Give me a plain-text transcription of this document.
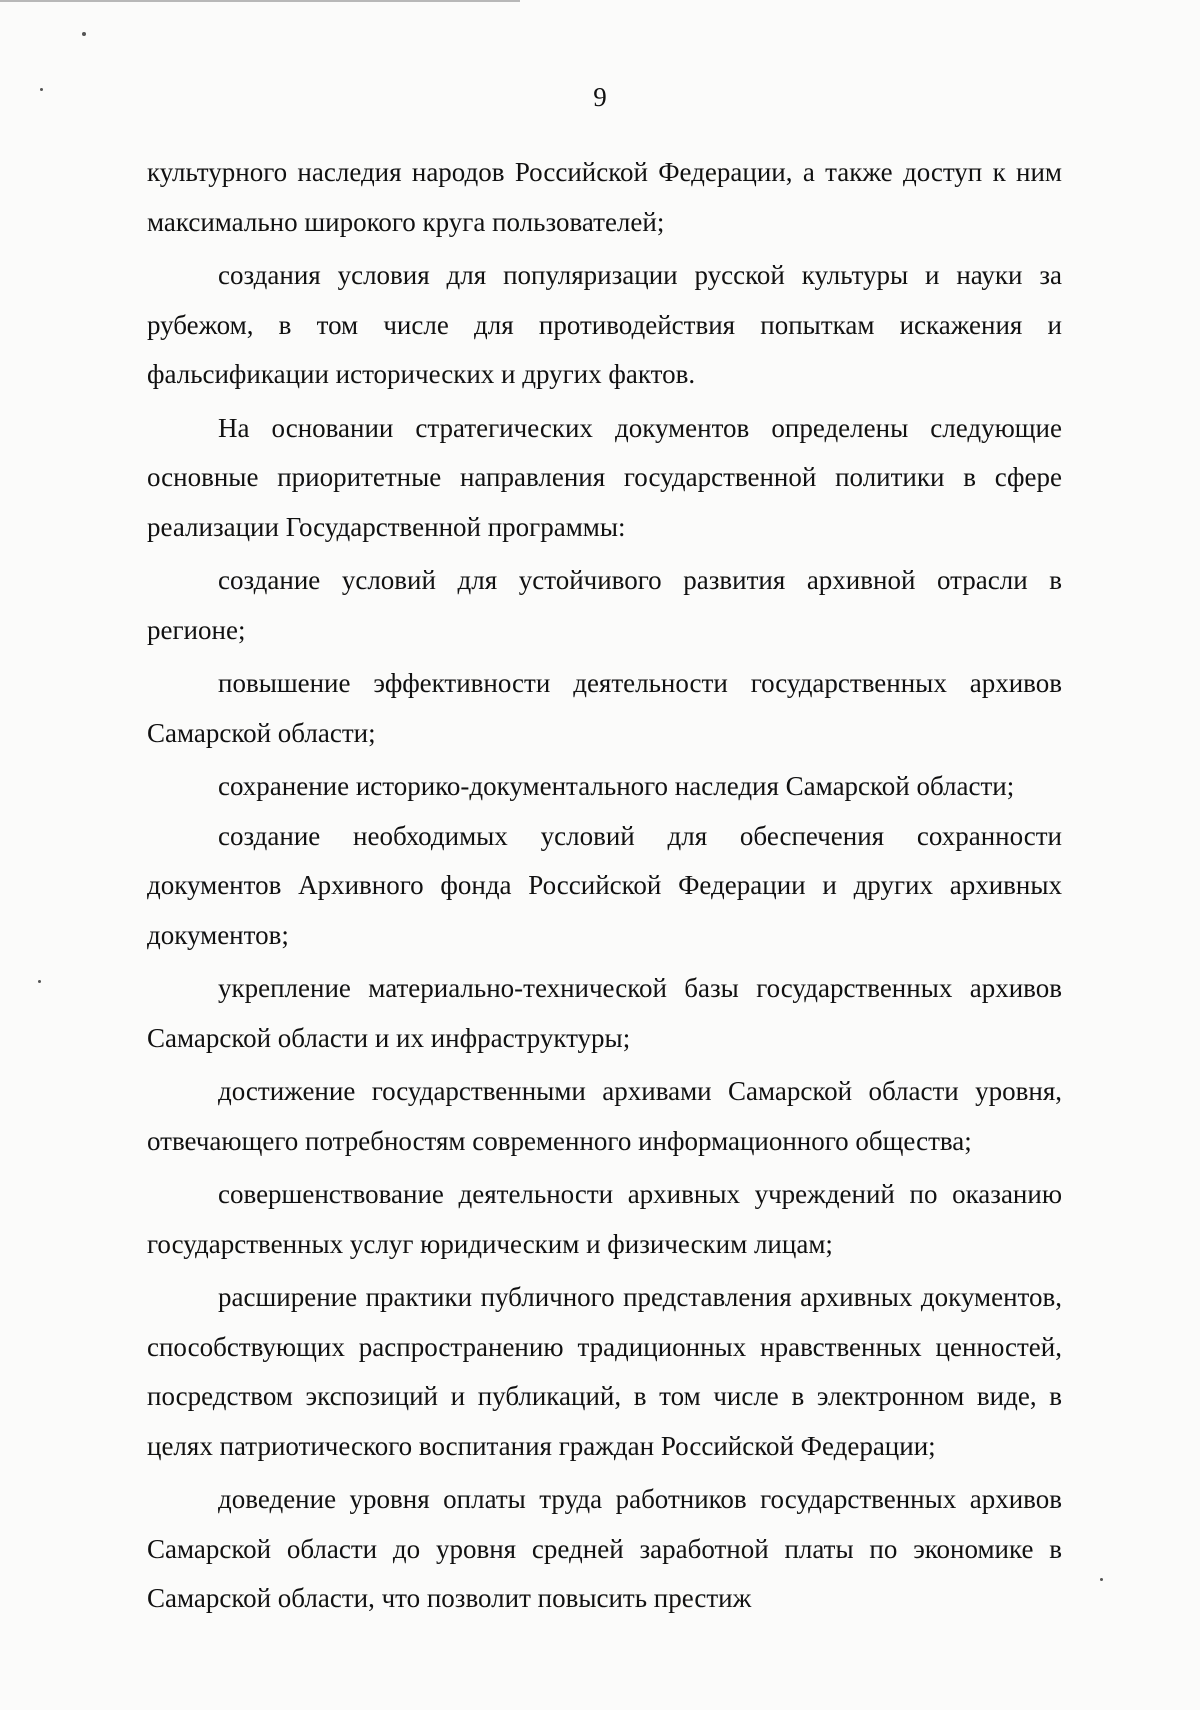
9

культурного наследия народов Российской Федерации, а также доступ к ним максимально широкого круга пользователей;

создания условия для популяризации русской культуры и науки за рубежом, в том числе для противодействия попыткам искажения и фальсификации исторических и других фактов.

На основании стратегических документов определены следующие основные приоритетные направления государственной политики в сфере реализации Государственной программы:

создание условий для устойчивого развития архивной отрасли в регионе;

повышение эффективности деятельности государственных архивов Самарской области;

сохранение историко-документального наследия Самарской области;

создание необходимых условий для обеспечения сохранности документов Архивного фонда Российской Федерации и других архивных документов;

укрепление материально-технической базы государственных архивов Самарской области и их инфраструктуры;

достижение государственными архивами Самарской области уровня, отвечающего потребностям современного информационного общества;

совершенствование деятельности архивных учреждений по оказанию государственных услуг юридическим и физическим лицам;

расширение практики публичного представления архивных документов, способствующих распространению традиционных нравственных ценностей, посредством экспозиций и публикаций, в том числе в электронном виде, в целях патриотического воспитания граждан Российской Федерации;

доведение уровня оплаты труда работников государственных архивов Самарской области до уровня средней заработной платы по экономике в Самарской области, что позволит повысить престиж
